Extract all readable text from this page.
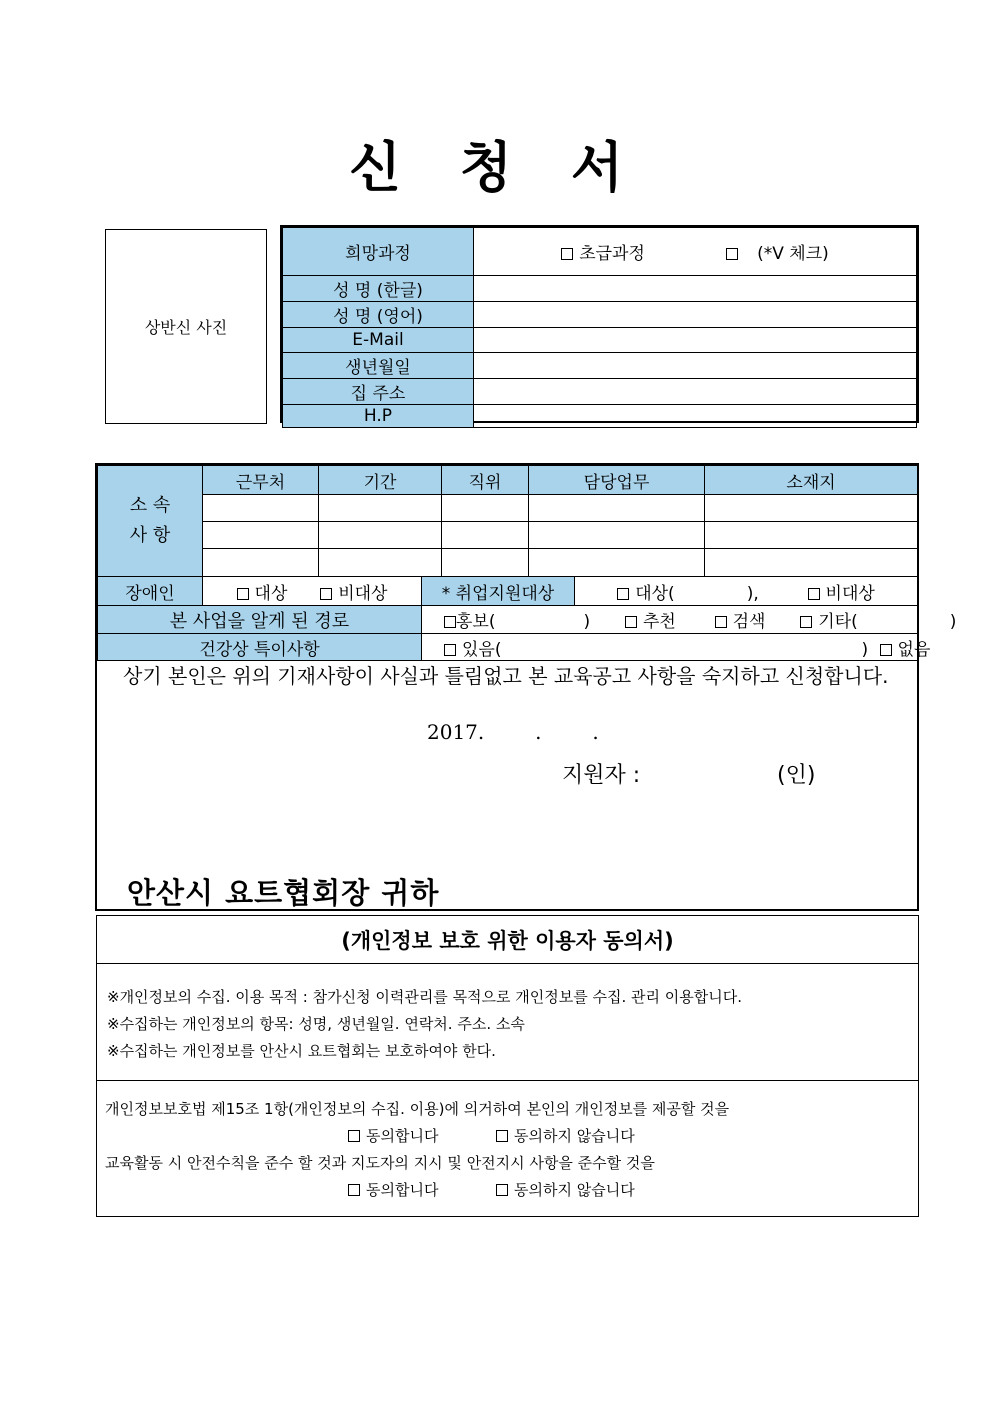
신 청 서
상반신 사진
희망과정	초급과정 (*V 체크)
성 명 (한글)	
성 명 (영어)	
E-Mail	
생년월일	
집 주소	
H.P	
소 속
사 항	근무처	기간		직위	담당업무		소재지

장애인	대상 비대상		* 취업지원대상			대상( ), 비대상	
본 사업을 알게 된 경로			홍보( ) 추천 검색 기타( )				
건강상 특이사항			있음( ) 없음				
상기 본인은 위의 기재사항이 사실과 틀림없고 본 교육공고 사항을 숙지하고 신청합니다.
2017.        .        .
지원자 :	(인)
안산시 요트협회장 귀하
(개인정보 보호 위한 이용자 동의서)
※개인정보의 수집. 이용 목적 : 참가신청 이력관리를 목적으로 개인정보를 수집. 관리 이용합니다.
※수집하는 개인정보의 항목: 성명, 생년월일. 연락처. 주소. 소속
※수집하는 개인정보를 안산시 요트협회는 보호하여야 한다.
개인정보보호법 제15조 1항(개인정보의 수집. 이용)에 의거하여 본인의 개인정보를 제공할 것을
동의합니다	동의하지 않습니다
교육활동 시 안전수칙을 준수 할 것과 지도자의 지시 및 안전지시 사항을 준수할 것을
동의합니다	동의하지 않습니다
